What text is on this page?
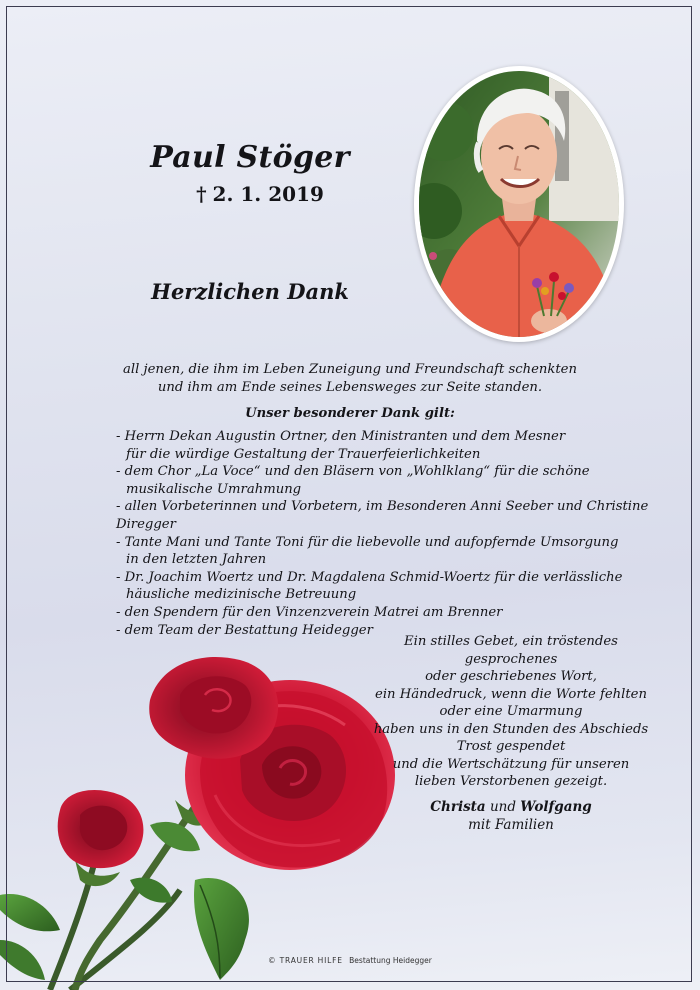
Paul Stöger
† 2. 1. 2019
Herzlichen Dank

all jenen, die ihm im Leben Zuneigung und Freundschaft schenkten

und ihm am Ende seines Lebensweges zur Seite standen.

Unser besonderer Dank gilt:
- Herrn Dekan Augustin Ortner, den Ministranten und dem Mesner
für die würdige Gestaltung der Trauerfeierlichkeiten
- dem Chor „La Voce“ und den Bläsern von „Wohlklang“ für die schöne
musikalische Umrahmung
- allen Vorbeterinnen und Vorbetern, im Besonderen Anni Seeber und Christine Diregger
- Tante Mani und Tante Toni für die liebevolle und aufopfernde Umsorgung
in den letzten Jahren
- Dr. Joachim Woertz und Dr. Magdalena Schmid-Woertz für die verlässliche
häusliche medizinische Betreuung
- den Spendern für den Vinzenzverein Matrei am Brenner
- dem Team der Bestattung Heidegger

Ein stilles Gebet, ein tröstendes gesprochenes

oder geschriebenes Wort,

ein Händedruck, wenn die Worte fehlten

oder eine Umarmung

haben uns in den Stunden des Abschieds

Trost gespendet

und die Wertschätzung für unseren

lieben Verstorbenen gezeigt.

Christa und Wolfgang

mit Familien

© TRAUER HILFE Bestattung Heidegger
